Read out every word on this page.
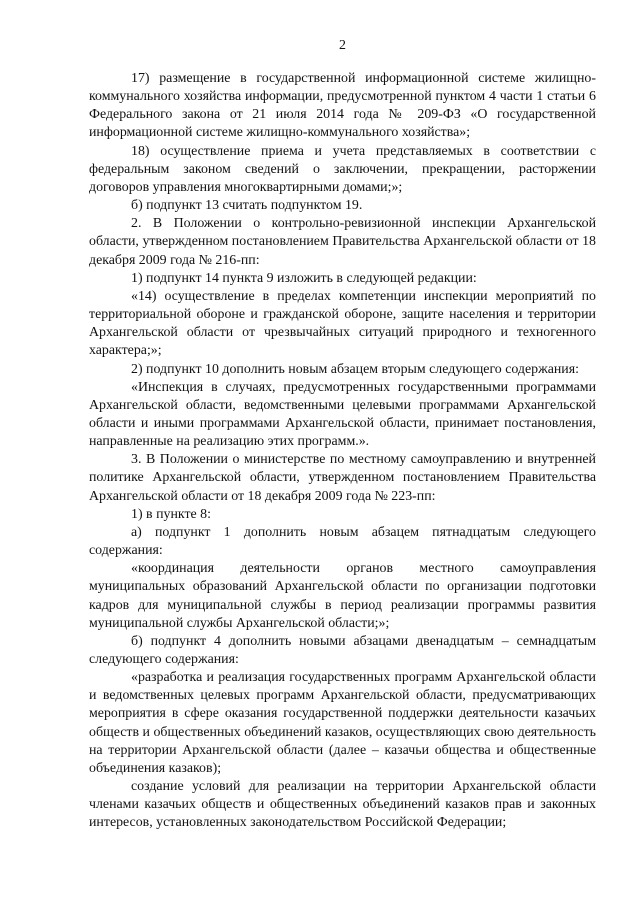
2

17) размещение в государственной информационной системе жилищно-коммунального хозяйства информации, предусмотренной пунктом 4 части 1 статьи 6 Федерального закона от 21 июля 2014 года № 209-ФЗ «О государственной информационной системе жилищно-коммунального хозяйства»;

18) осуществление приема и учета представляемых в соответствии с федеральным законом сведений о заключении, прекращении, расторжении договоров управления многоквартирными домами;»;

б) подпункт 13 считать подпунктом 19.

2. В Положении о контрольно-ревизионной инспекции Архангельской области, утвержденном постановлением Правительства Архангельской области от 18 декабря 2009 года № 216-пп:

1) подпункт 14 пункта 9 изложить в следующей редакции:

«14) осуществление в пределах компетенции инспекции мероприятий по территориальной обороне и гражданской обороне, защите населения и территории Архангельской области от чрезвычайных ситуаций природного и техногенного характера;»;

2) подпункт 10 дополнить новым абзацем вторым следующего содержания:

«Инспекция в случаях, предусмотренных государственными программами Архангельской области, ведомственными целевыми программами Архангельской области и иными программами Архангельской области, принимает постановления, направленные на реализацию этих программ.».

3. В Положении о министерстве по местному самоуправлению и внутренней политике Архангельской области, утвержденном постановлением Правительства Архангельской области от 18 декабря 2009 года № 223-пп:

1) в пункте 8:

а) подпункт 1 дополнить новым абзацем пятнадцатым следующего содержания:

«координация деятельности органов местного самоуправления муниципальных образований Архангельской области по организации подготовки кадров для муниципальной службы в период реализации программы развития муниципальной службы Архангельской области;»;

б) подпункт 4 дополнить новыми абзацами двенадцатым – семнадцатым следующего содержания:

«разработка и реализация государственных программ Архангельской области и ведомственных целевых программ Архангельской области, предусматривающих мероприятия в сфере оказания государственной поддержки деятельности казачьих обществ и общественных объединений казаков, осуществляющих свою деятельность на территории Архангельской области (далее – казачьи общества и общественные объединения казаков);

создание условий для реализации на территории Архангельской области членами казачьих обществ и общественных объединений казаков прав и законных интересов, установленных законодательством Российской Федерации;
